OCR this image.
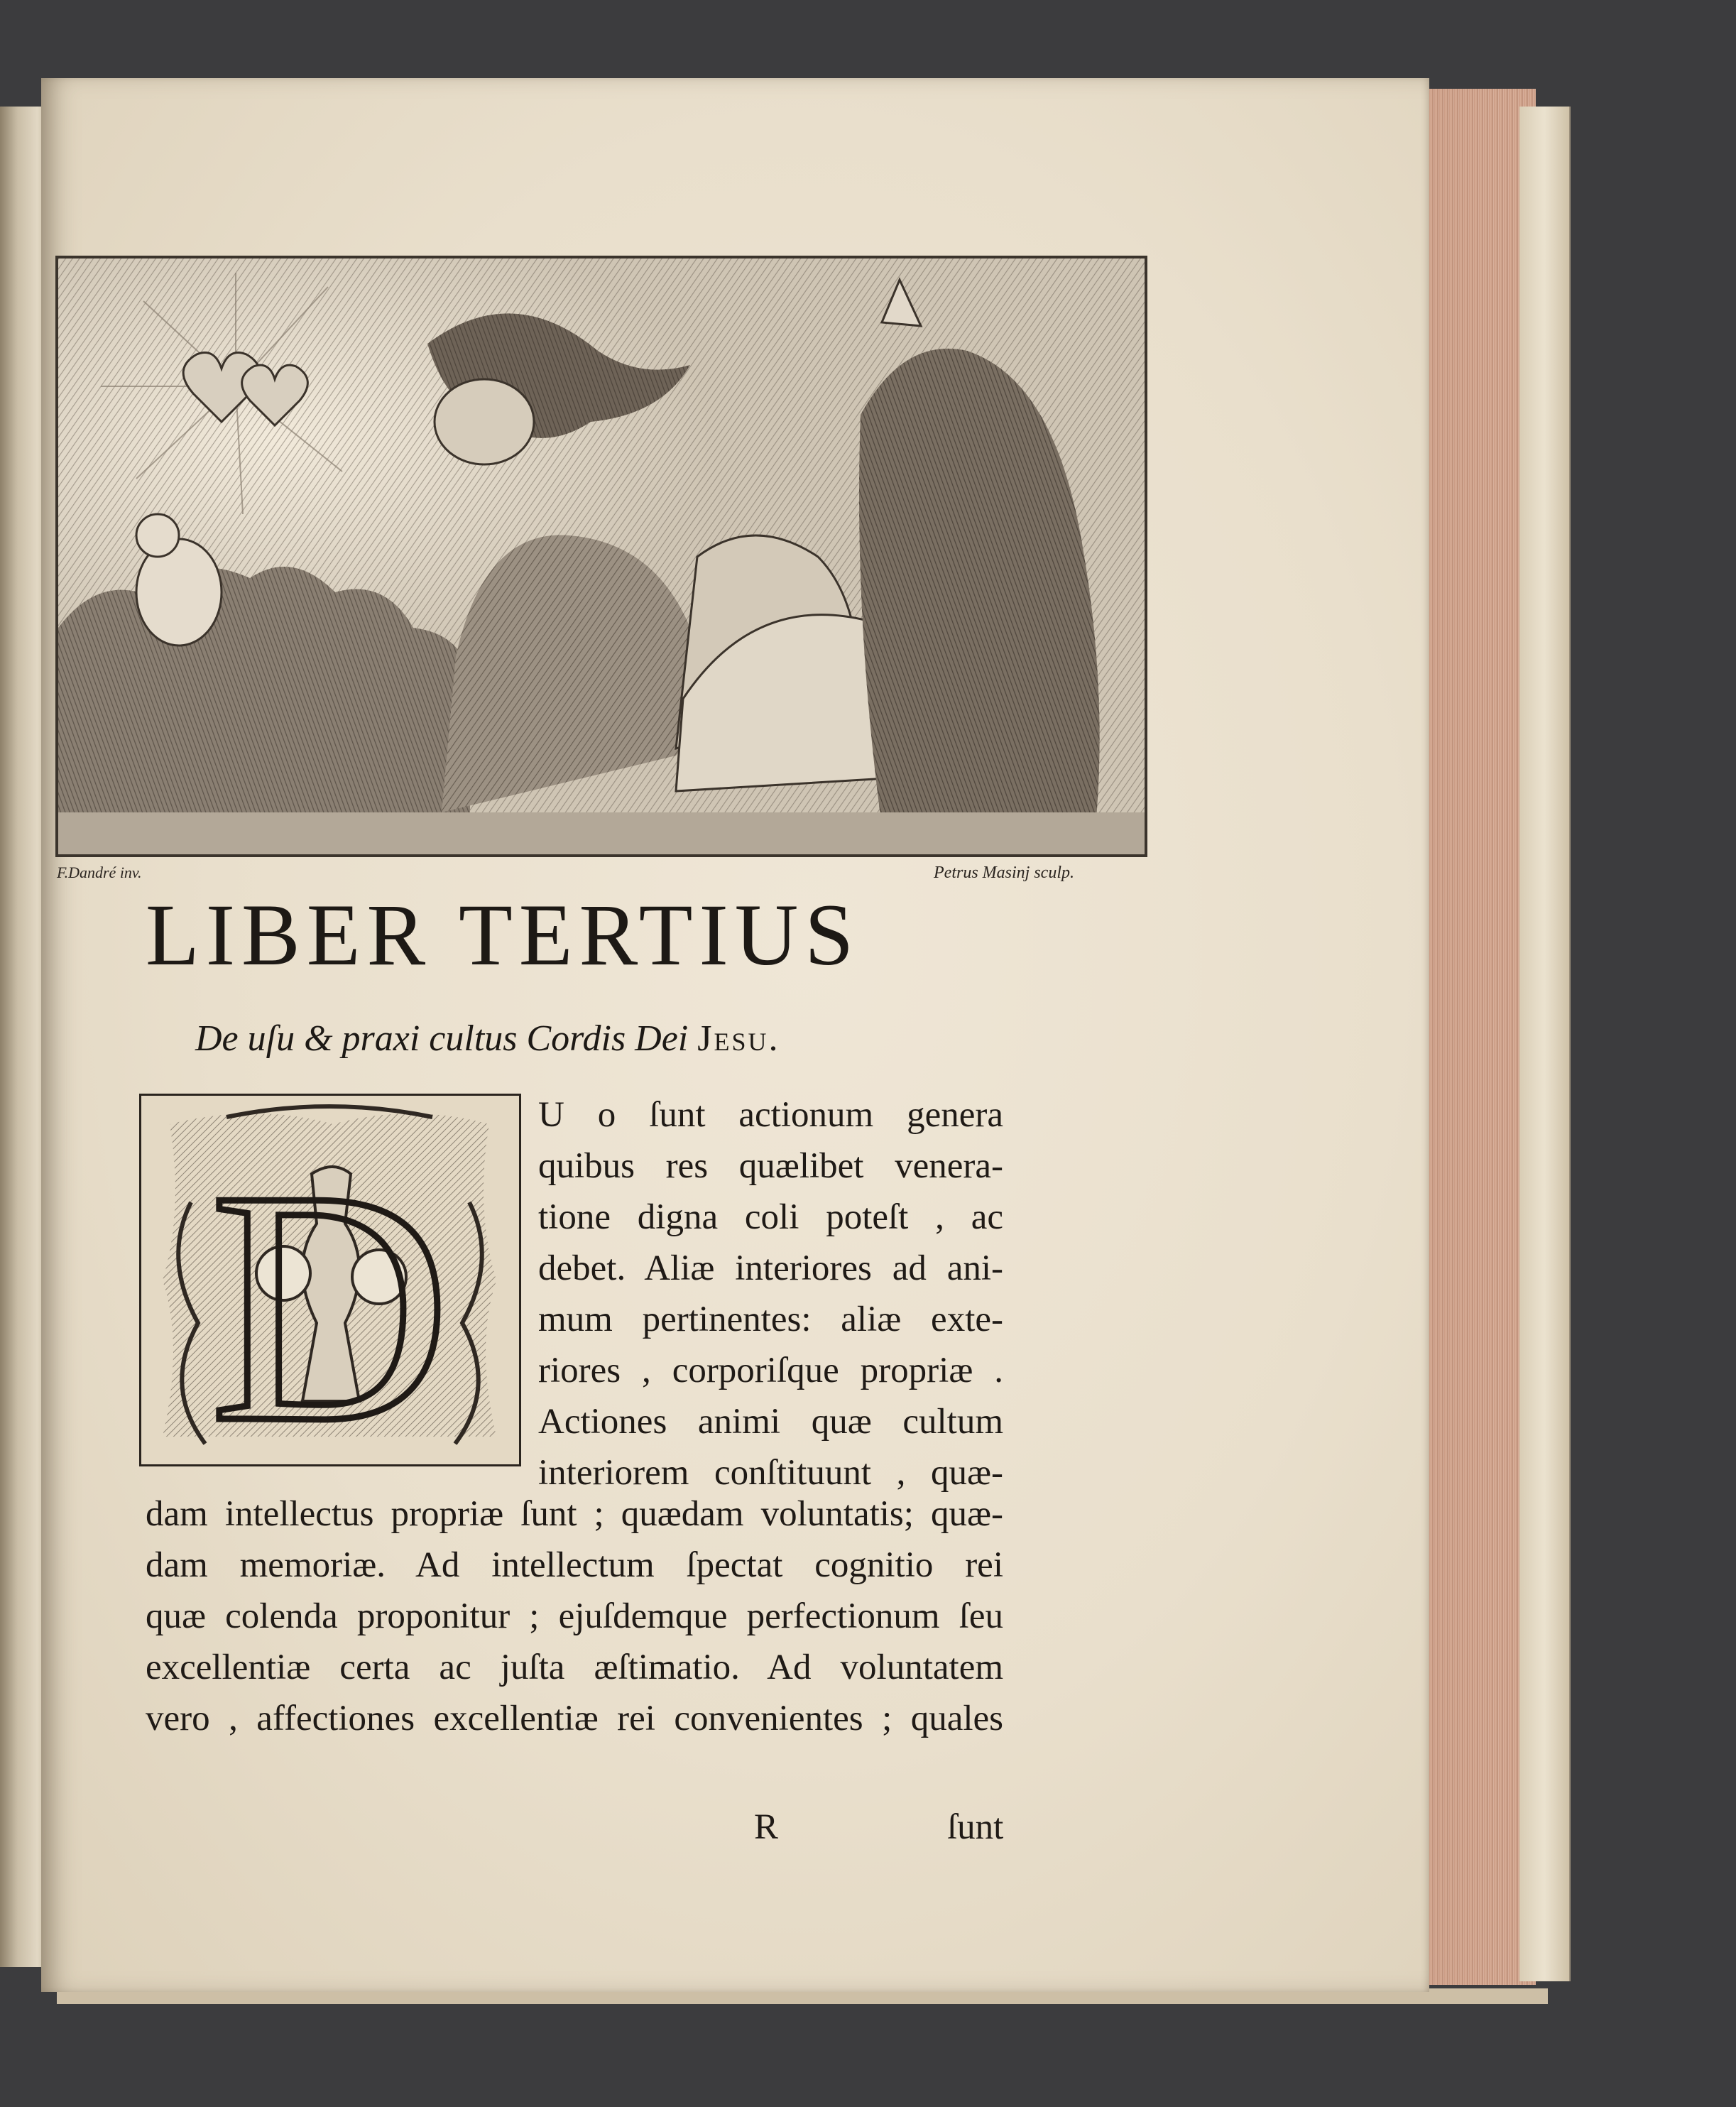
F.Dandré inv.	Petrus Masinj sculp.
LIBER TERTIUS
De uſu & praxi cultus Cordis Dei Jesu.
D
U o ſunt actionum genera
quibus res quælibet venera-
tione digna coli poteſt , ac
debet. Aliæ interiores ad ani-
mum pertinentes: aliæ exte-
riores , corporiſque propriæ .
Actiones animi quæ cultum
interiorem conſtituunt , quæ-
dam intellectus propriæ ſunt ; quædam voluntatis; quæ-
dam memoriæ. Ad intellectum ſpectat cognitio rei
quæ colenda proponitur ; ejuſdemque perfectionum ſeu
excellentiæ certa ac juſta æſtimatio. Ad voluntatem
vero , affectiones excellentiæ rei convenientes ; quales
R	ſunt
